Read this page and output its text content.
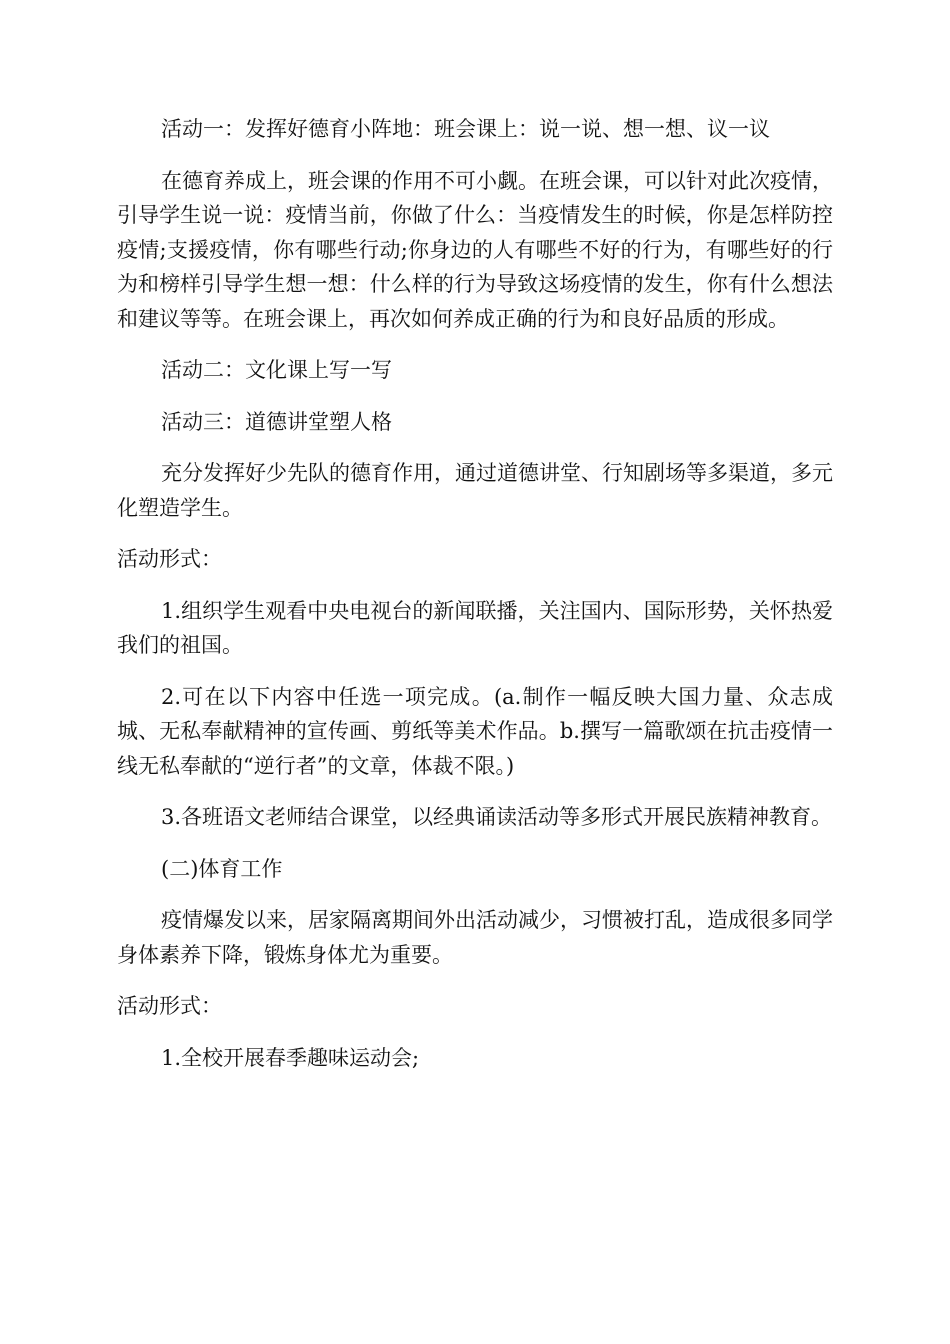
活动一：发挥好德育小阵地：班会课上：说一说、想一想、议一议

在德育养成上，班会课的作用不可小觑。在班会课，可以针对此次疫情，引导学生说一说：疫情当前，你做了什么：当疫情发生的时候，你是怎样防控疫情;支援疫情，你有哪些行动;你身边的人有哪些不好的行为，有哪些好的行为和榜样引导学生想一想：什么样的行为导致这场疫情的发生，你有什么想法和建议等等。在班会课上，再次如何养成正确的行为和良好品质的形成。

活动二：文化课上写一写

活动三：道德讲堂塑人格

充分发挥好少先队的德育作用，通过道德讲堂、行知剧场等多渠道，多元化塑造学生。

活动形式：

1.组织学生观看中央电视台的新闻联播，关注国内、国际形势，关怀热爱我们的祖国。

2.可在以下内容中任选一项完成。(a.制作一幅反映大国力量、众志成城、无私奉献精神的宣传画、剪纸等美术作品。b.撰写一篇歌颂在抗击疫情一线无私奉献的“逆行者”的文章，体裁不限。)

3.各班语文老师结合课堂，以经典诵读活动等多形式开展民族精神教育。

(二)体育工作

疫情爆发以来，居家隔离期间外出活动减少，习惯被打乱，造成很多同学身体素养下降，锻炼身体尤为重要。

活动形式：

1.全校开展春季趣味运动会;
